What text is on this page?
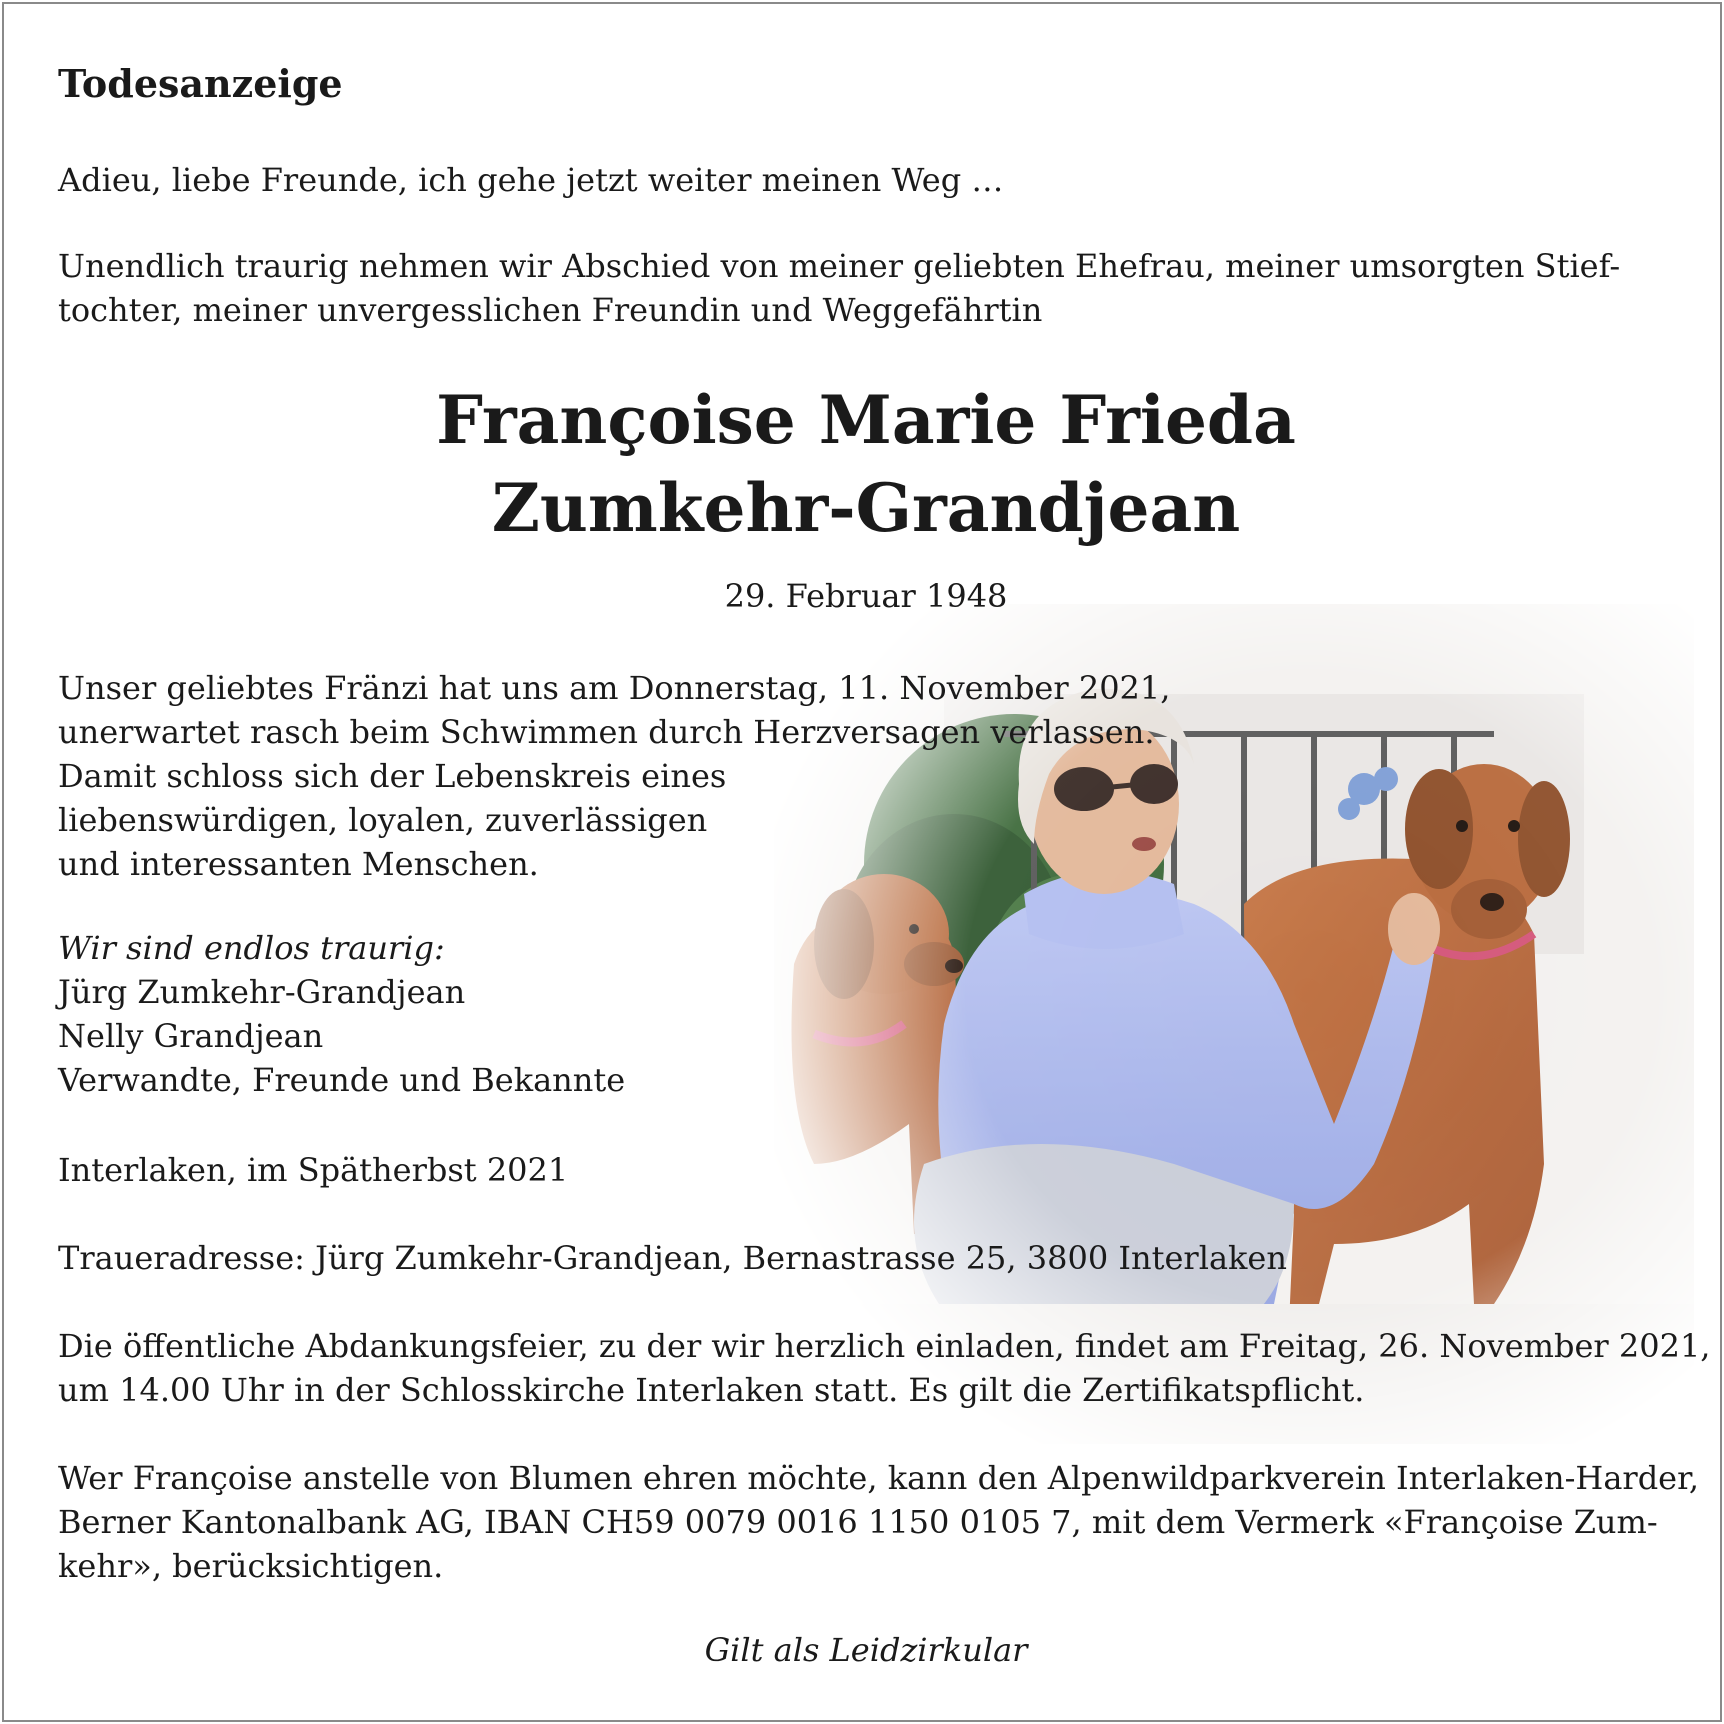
Todesanzeige
Adieu, liebe Freunde, ich gehe jetzt weiter meinen Weg …
Unendlich traurig nehmen wir Abschied von meiner geliebten Ehefrau, meiner umsorgten Stief-
tochter, meiner unvergesslichen Freundin und Weggefährtin
Françoise Marie Frieda
Zumkehr-Grandjean
29. Februar 1948
Unser geliebtes Fränzi hat uns am Donnerstag, 11. November 2021,
unerwartet rasch beim Schwimmen durch Herzversagen verlassen.
Damit schloss sich der Lebenskreis eines
liebenswürdigen, loyalen, zuverlässigen
und interessanten Menschen.
Wir sind endlos traurig:
Jürg Zumkehr-Grandjean
Nelly Grandjean
Verwandte, Freunde und Bekannte
Interlaken, im Spätherbst 2021
Traueradresse: Jürg Zumkehr-Grandjean, Bernastrasse 25, 3800 Interlaken
Die öffentliche Abdankungsfeier, zu der wir herzlich einladen, findet am Freitag, 26. November 2021,
um 14.00 Uhr in der Schlosskirche Interlaken statt. Es gilt die Zertifikatspflicht.
Wer Françoise anstelle von Blumen ehren möchte, kann den Alpenwildparkverein Interlaken-Harder,
Berner Kantonalbank AG, IBAN CH59 0079 0016 1150 0105 7, mit dem Vermerk «Françoise Zum-
kehr», berücksichtigen.
Gilt als Leidzirkular
